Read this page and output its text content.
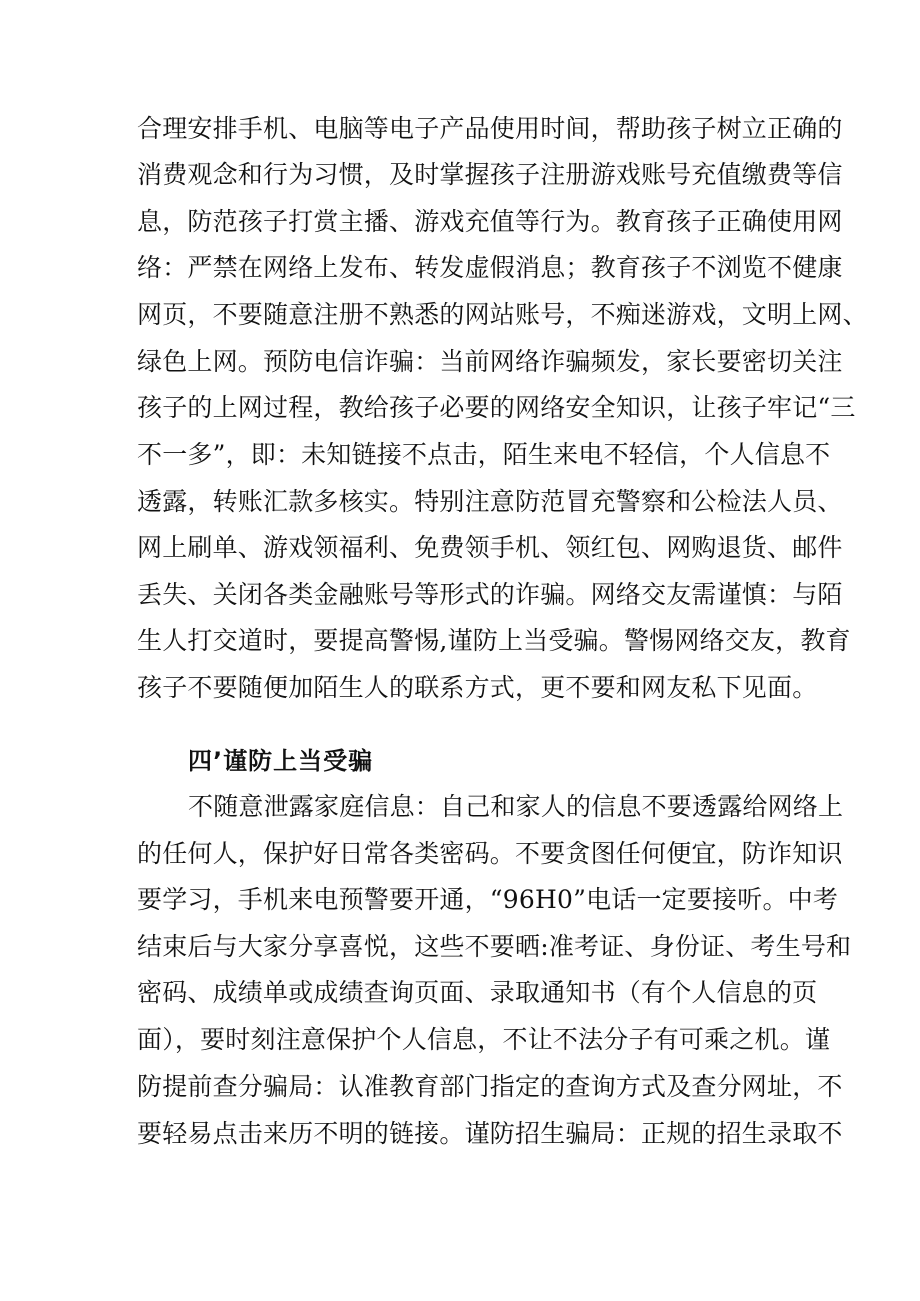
合理安排手机、电脑等电子产品使用时间，帮助孩子树立正确的
消费观念和行为习惯，及时掌握孩子注册游戏账号充值缴费等信
息，防范孩子打赏主播、游戏充值等行为。教育孩子正确使用网
络：严禁在网络上发布、转发虚假消息；教育孩子不浏览不健康
网页，不要随意注册不熟悉的网站账号，不痴迷游戏，文明上网、
绿色上网。预防电信诈骗：当前网络诈骗频发，家长要密切关注
孩子的上网过程，教给孩子必要的网络安全知识，让孩子牢记“三
不一多”，即：未知链接不点击，陌生来电不轻信，个人信息不
透露，转账汇款多核实。特别注意防范冒充警察和公检法人员、
网上刷单、游戏领福利、免费领手机、领红包、网购退货、邮件
丢失、关闭各类金融账号等形式的诈骗。网络交友需谨慎：与陌
生人打交道时，要提高警惕,谨防上当受骗。警惕网络交友，教育
孩子不要随便加陌生人的联系方式，更不要和网友私下见面。
四’谨防上当受骗
不随意泄露家庭信息：自己和家人的信息不要透露给网络上
的任何人，保护好日常各类密码。不要贪图任何便宜，防诈知识
要学习，手机来电预警要开通，“96H0”电话一定要接听。中考
结束后与大家分享喜悦，这些不要晒:准考证、身份证、考生号和
密码、成绩单或成绩查询页面、录取通知书（有个人信息的页
面），要时刻注意保护个人信息，不让不法分子有可乘之机。谨
防提前查分骗局：认准教育部门指定的查询方式及查分网址，不
要轻易点击来历不明的链接。谨防招生骗局：正规的招生录取不
